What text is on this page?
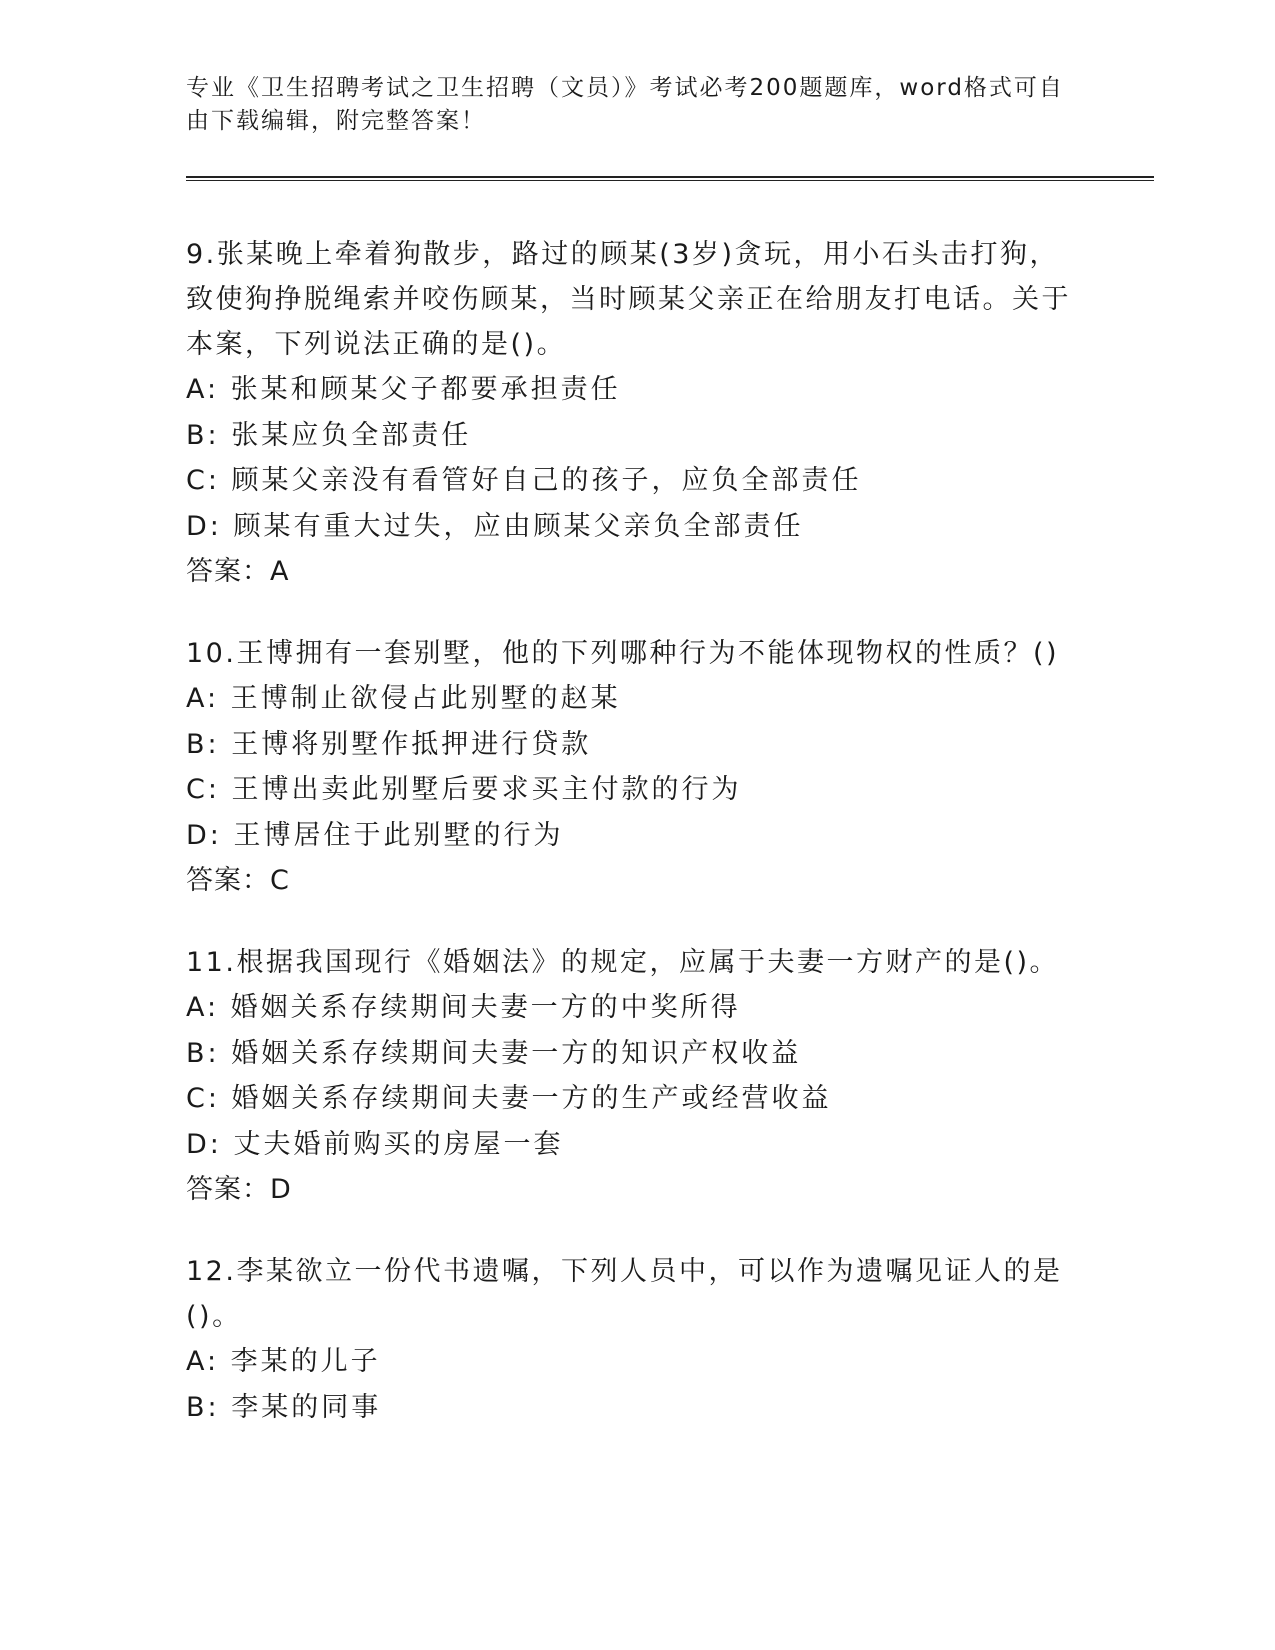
专业《卫生招聘考试之卫生招聘（文员）》考试必考200题题库，word格式可自由下载编辑，附完整答案！

9.张某晚上牵着狗散步，路过的顾某(3岁)贪玩，用小石头击打狗，致使狗挣脱绳索并咬伤顾某，当时顾某父亲正在给朋友打电话。关于本案，下列说法正确的是()。

A: 张某和顾某父子都要承担责任
B: 张某应负全部责任
C: 顾某父亲没有看管好自己的孩子，应负全部责任
D: 顾某有重大过失，应由顾某父亲负全部责任
答案：A

10.王博拥有一套别墅，他的下列哪种行为不能体现物权的性质？()

A: 王博制止欲侵占此别墅的赵某
B: 王博将别墅作抵押进行贷款
C: 王博出卖此别墅后要求买主付款的行为
D: 王博居住于此别墅的行为
答案：C

11.根据我国现行《婚姻法》的规定，应属于夫妻一方财产的是()。

A: 婚姻关系存续期间夫妻一方的中奖所得
B: 婚姻关系存续期间夫妻一方的知识产权收益
C: 婚姻关系存续期间夫妻一方的生产或经营收益
D: 丈夫婚前购买的房屋一套
答案：D

12.李某欲立一份代书遗嘱，下列人员中，可以作为遗嘱见证人的是()。

A: 李某的儿子
B: 李某的同事
